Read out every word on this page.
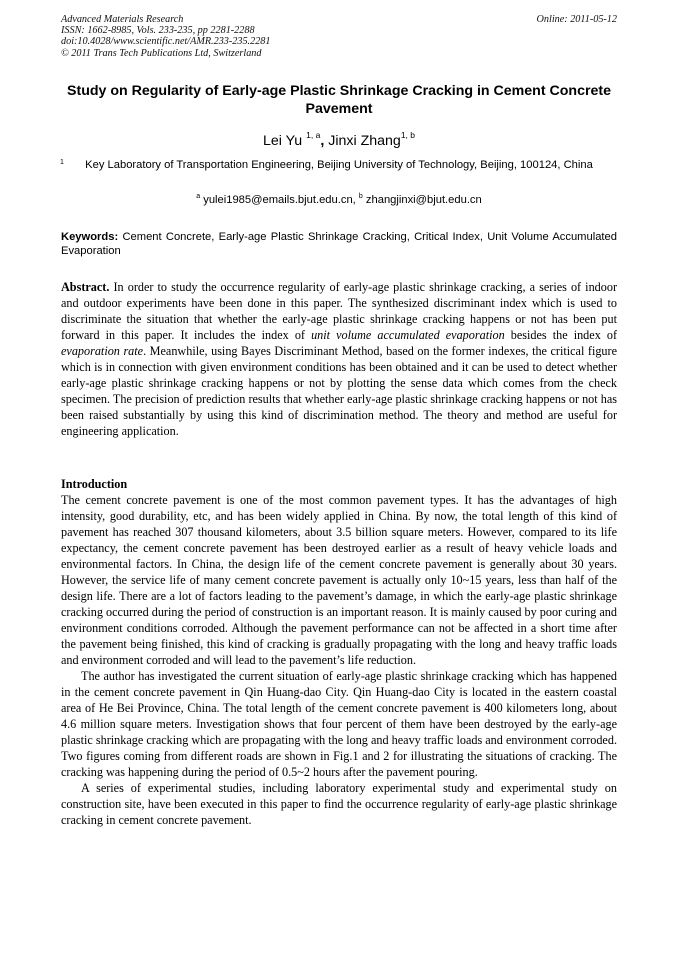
Advanced Materials Research
ISSN: 1662-8985, Vols. 233-235, pp 2281-2288
doi:10.4028/www.scientific.net/AMR.233-235.2281
© 2011 Trans Tech Publications Ltd, Switzerland
Online: 2011-05-12
Study on Regularity of Early-age Plastic Shrinkage Cracking in Cement Concrete Pavement
Lei Yu $^{1, a}$, Jinxi Zhang$^{1, b}$
1 Key Laboratory of Transportation Engineering, Beijing University of Technology, Beijing, 100124, China
$^a$ yulei1985@emails.bjut.edu.cn, $^b$ zhangjinxi@bjut.edu.cn
Keywords: Cement Concrete, Early-age Plastic Shrinkage Cracking, Critical Index, Unit Volume Accumulated Evaporation
Abstract. In order to study the occurrence regularity of early-age plastic shrinkage cracking, a series of indoor and outdoor experiments have been done in this paper. The synthesized discriminant index which is used to discriminate the situation that whether the early-age plastic shrinkage cracking happens or not has been put forward in this paper. It includes the index of unit volume accumulated evaporation besides the index of evaporation rate. Meanwhile, using Bayes Discriminant Method, based on the former indexes, the critical figure which is in connection with given environment conditions has been obtained and it can be used to detect whether early-age plastic shrinkage cracking happens or not by plotting the sense data which comes from the check specimen. The precision of prediction results that whether early-age plastic shrinkage cracking happens or not has been raised substantially by using this kind of discrimination method. The theory and method are useful for engineering application.
Introduction

The cement concrete pavement is one of the most common pavement types. It has the advantages of high intensity, good durability, etc, and has been widely applied in China. By now, the total length of this kind of pavement has reached 307 thousand kilometers, about 3.5 billion square meters. However, compared to its life expectancy, the cement concrete pavement has been destroyed earlier as a result of heavy vehicle loads and environmental factors. In China, the design life of the cement concrete pavement is generally about 30 years. However, the service life of many cement concrete pavement is actually only 10~15 years, less than half of the design life. There are a lot of factors leading to the pavement’s damage, in which the early-age plastic shrinkage cracking occurred during the period of construction is an important reason. It is mainly caused by poor curing and environment conditions corroded. Although the pavement performance can not be affected in a short time after the pavement being finished, this kind of cracking is gradually propagating with the long and heavy traffic loads and environment corroded and will lead to the pavement’s life reduction.

The author has investigated the current situation of early-age plastic shrinkage cracking which has happened in the cement concrete pavement in Qin Huang-dao City. Qin Huang-dao City is located in the eastern coastal area of He Bei Province, China. The total length of the cement concrete pavement is 400 kilometers long, about 4.6 million square meters. Investigation shows that four percent of them have been destroyed by the early-age plastic shrinkage cracking which are propagating with the long and heavy traffic loads and environment corroded. Two figures coming from different roads are shown in Fig.1 and 2 for illustrating the situations of cracking. The cracking was happening during the period of 0.5~2 hours after the pavement pouring.

A series of experimental studies, including laboratory experimental study and experimental study on construction site, have been executed in this paper to find the occurrence regularity of early-age plastic shrinkage cracking in cement concrete pavement.
